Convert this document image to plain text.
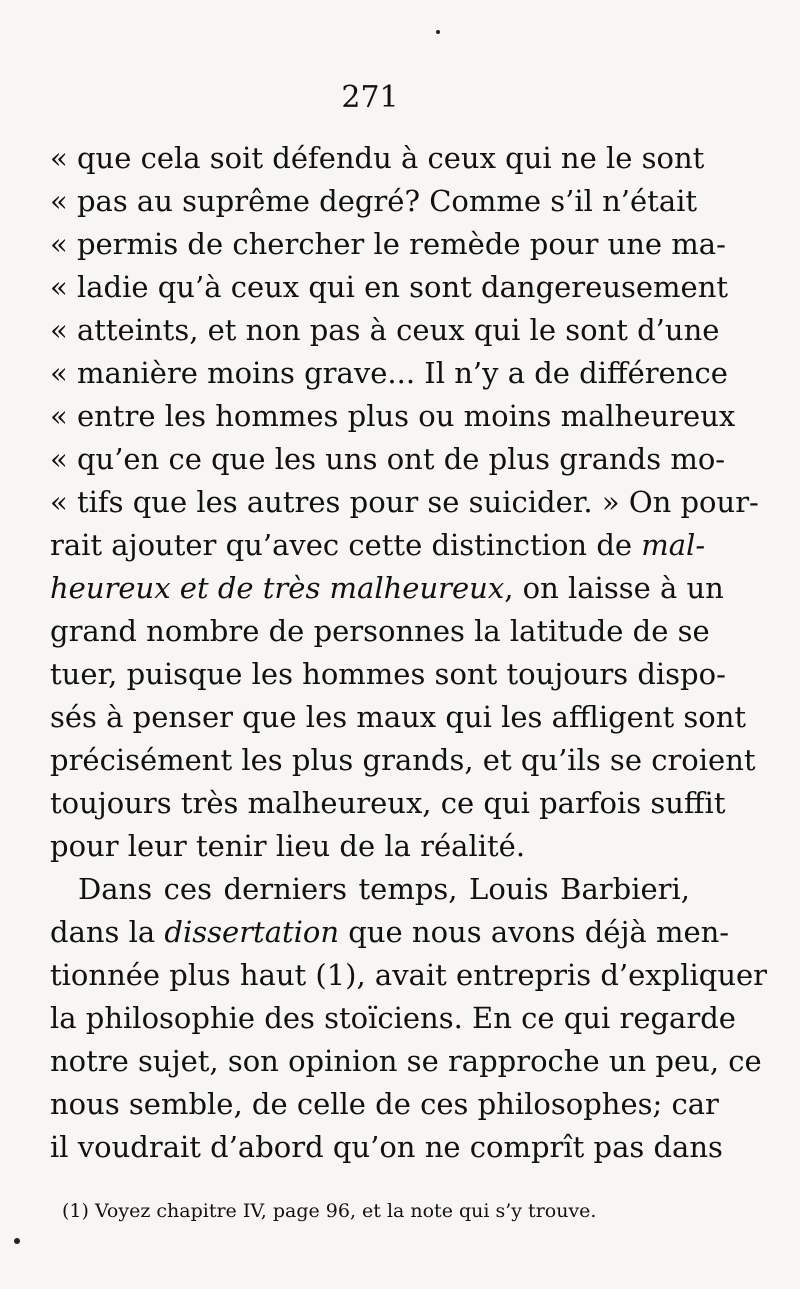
271
« que cela soit défendu à ceux qui ne le sont
« pas au suprême degré? Comme s’il n’était
« permis de chercher le remède pour une ma-
« ladie qu’à ceux qui en sont dangereusement
« atteints, et non pas à ceux qui le sont d’une
« manière moins grave... Il n’y a de différence
« entre les hommes plus ou moins malheureux
« qu’en ce que les uns ont de plus grands mo-
« tifs que les autres pour se suicider. » On pour-
rait ajouter qu’avec cette distinction de mal-
heureux et de très malheureux, on laisse à un
grand nombre de personnes la latitude de se
tuer, puisque les hommes sont toujours dispo-
sés à penser que les maux qui les affligent sont
précisément les plus grands, et qu’ils se croient
toujours très malheureux, ce qui parfois suffit
pour leur tenir lieu de la réalité.
Dans ces derniers temps, Louis Barbieri,
dans la dissertation que nous avons déjà men-
tionnée plus haut (1), avait entrepris d’expliquer
la philosophie des stoïciens. En ce qui regarde
notre sujet, son opinion se rapproche un peu, ce
nous semble, de celle de ces philosophes; car
il voudrait d’abord qu’on ne comprît pas dans
(1) Voyez chapitre IV, page 96, et la note qui s’y trouve.
